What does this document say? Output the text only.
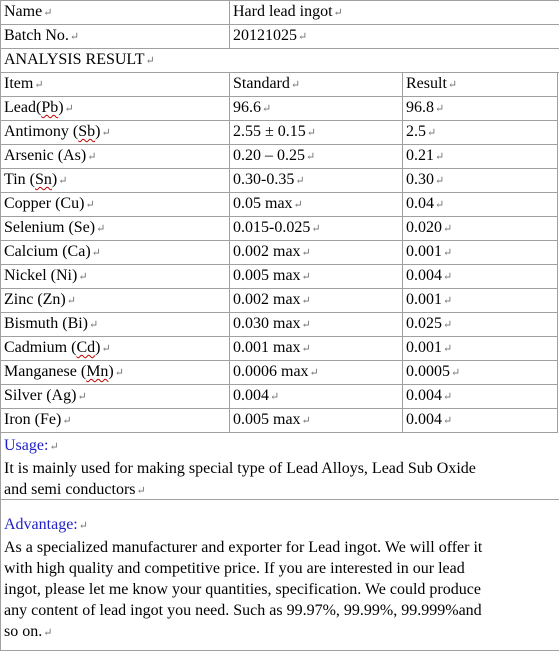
Name↵	Hard lead ingot↵
Batch No.↵	20121025↵
ANALYSIS RESULT↵	
Item↵	Standard↵	Result↵
Lead(Pb)↵	96.6↵	96.8↵
Antimony (Sb)↵	2.55 ± 0.15↵	2.5↵
Arsenic (As)↵	0.20 – 0.25↵	0.21↵
Tin (Sn)↵	0.30-0.35↵	0.30↵
Copper (Cu)↵	0.05 max↵	0.04↵
Selenium (Se)↵	0.015-0.025↵	0.020↵
Calcium (Ca)↵	0.002 max↵	0.001↵
Nickel (Ni)↵	0.005 max↵	0.004↵
Zinc (Zn)↵	0.002 max↵	0.001↵
Bismuth (Bi)↵	0.030 max↵	0.025↵
Cadmium (Cd)↵	0.001 max↵	0.001↵
Manganese (Mn)↵	0.0006 max↵	0.0005↵
Silver (Ag)↵	0.004↵	0.004↵
Iron (Fe)↵	0.005 max↵	0.004↵
Usage:↵
It is mainly used for making special type of Lead Alloys, Lead Sub Oxide
and semi conductors↵
Advantage:↵
As a specialized manufacturer and exporter for Lead ingot. We will offer it
with high quality and competitive price. If you are interested in our lead
ingot, please let me know your quantities, specification. We could produce
any content of lead ingot you need. Such as 99.97%, 99.99%, 99.999%and
so on.↵
